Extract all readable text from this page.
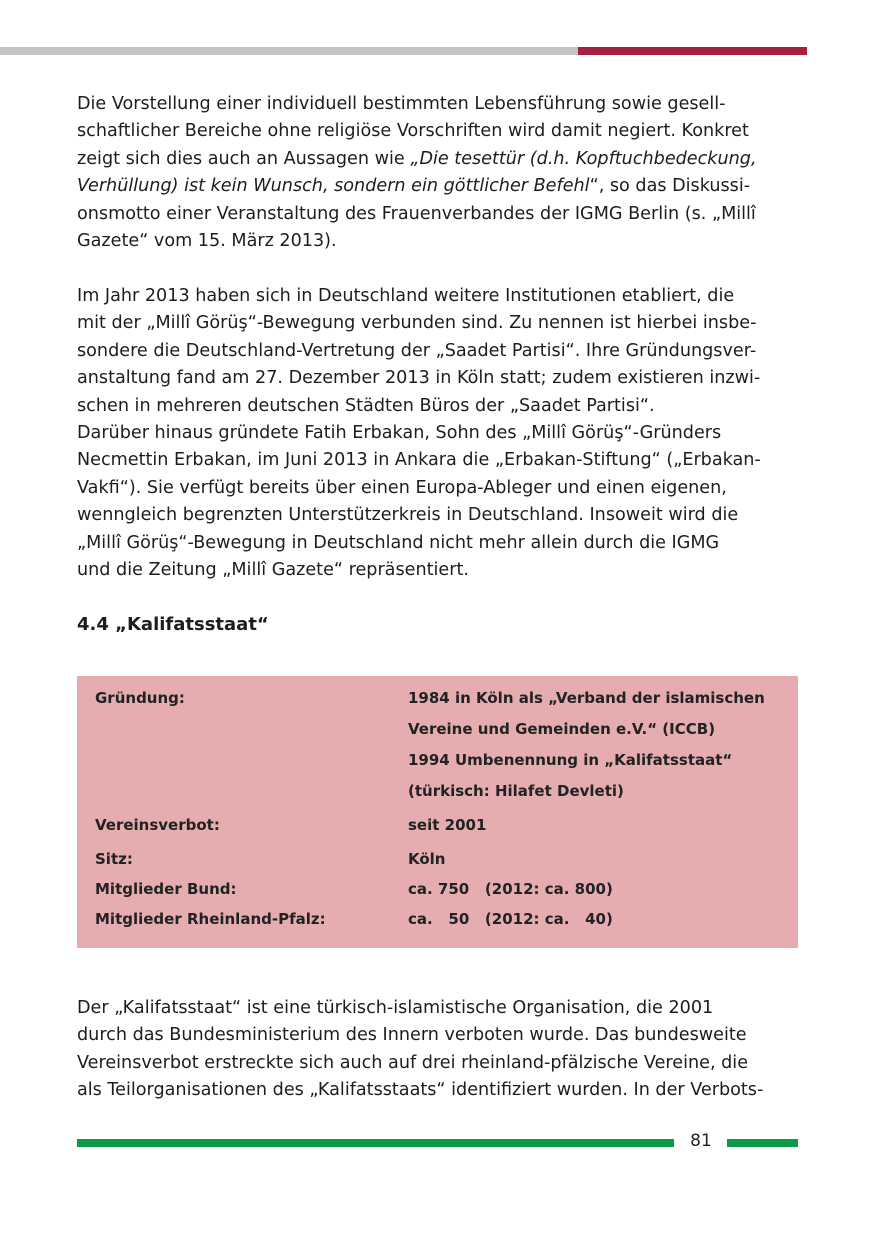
Die Vorstellung einer individuell bestimmten Lebensführung sowie gesell-
schaftlicher Bereiche ohne religiöse Vorschriften wird damit negiert. Konkret
zeigt sich dies auch an Aussagen wie „Die tesettür (d.h. Kopftuchbedeckung,
Verhüllung) ist kein Wunsch, sondern ein göttlicher Befehl“, so das Diskussi-
onsmotto einer Veranstaltung des Frauenverbandes der IGMG Berlin (s. „Millî
Gazete“ vom 15. März 2013).

Im Jahr 2013 haben sich in Deutschland weitere Institutionen etabliert, die
mit der „Millî Görüş“-Bewegung verbunden sind. Zu nennen ist hierbei insbe-
sondere die Deutschland-Vertretung der „Saadet Partisi“. Ihre Gründungsver-
anstaltung fand am 27. Dezember 2013 in Köln statt; zudem existieren inzwi-
schen in mehreren deutschen Städten Büros der „Saadet Partisi“.
Darüber hinaus gründete Fatih Erbakan, Sohn des „Millî Görüş“-Gründers
Necmettin Erbakan, im Juni 2013 in Ankara die „Erbakan-Stiftung“ („Erbakan-
Vakfi“). Sie verfügt bereits über einen Europa-Ableger und einen eigenen,
wenngleich begrenzten Unterstützerkreis in Deutschland. Insoweit wird die
„Millî Görüş“-Bewegung in Deutschland nicht mehr allein durch die IGMG
und die Zeitung „Millî Gazete“ repräsentiert.

4.4 „Kalifatsstaat“
Gründung:	1984 in Köln als „Verband der islamischen
Vereine und Gemeinden e.V.“ (ICCB)
1994 Umbenennung in „Kalifatsstaat“
(türkisch: Hilafet Devleti)
Vereinsverbot:	seit 2001
Sitz:	Köln
Mitglieder Bund:	ca. 750   (2012: ca. 800)
Mitglieder Rheinland-Pfalz:	ca.   50   (2012: ca.   40)

Der „Kalifatsstaat“ ist eine türkisch-islamistische Organisation, die 2001
durch das Bundesministerium des Innern verboten wurde. Das bundesweite
Vereinsverbot erstreckte sich auch auf drei rheinland-pfälzische Vereine, die
als Teilorganisationen des „Kalifatsstaats“ identifiziert wurden. In der Verbots-

81
